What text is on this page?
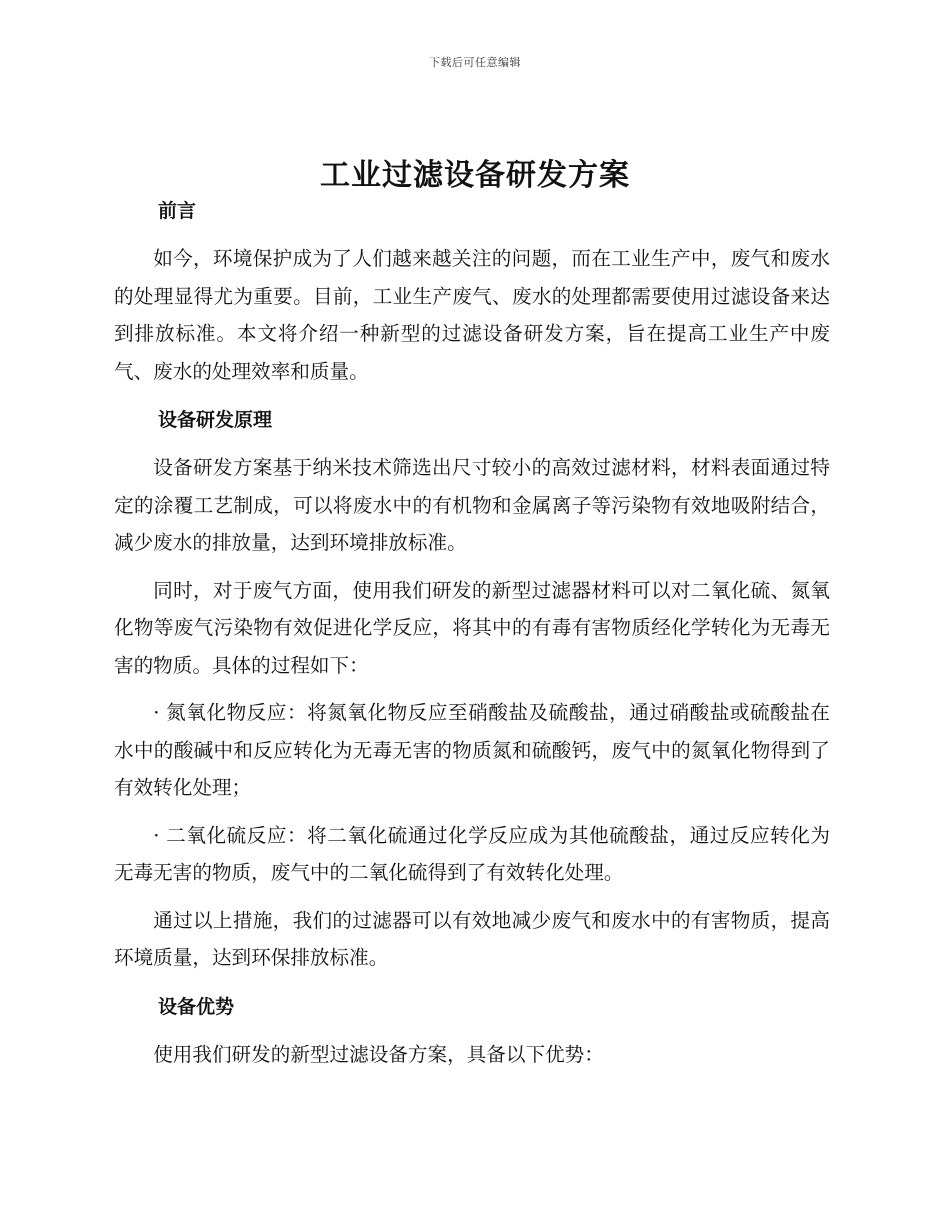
下载后可任意编辑
工业过滤设备研发方案
前言

如今，环境保护成为了人们越来越关注的问题，而在工业生产中，废气和废水的处理显得尤为重要。目前，工业生产废气、废水的处理都需要使用过滤设备来达到排放标准。本文将介绍一种新型的过滤设备研发方案，旨在提高工业生产中废气、废水的处理效率和质量。

设备研发原理

设备研发方案基于纳米技术筛选出尺寸较小的高效过滤材料，材料表面通过特定的涂覆工艺制成，可以将废水中的有机物和金属离子等污染物有效地吸附结合，减少废水的排放量，达到环境排放标准。

同时，对于废气方面，使用我们研发的新型过滤器材料可以对二氧化硫、氮氧化物等废气污染物有效促进化学反应，将其中的有毒有害物质经化学转化为无毒无害的物质。具体的过程如下：

· 氮氧化物反应：将氮氧化物反应至硝酸盐及硫酸盐，通过硝酸盐或硫酸盐在水中的酸碱中和反应转化为无毒无害的物质氮和硫酸钙，废气中的氮氧化物得到了有效转化处理；

· 二氧化硫反应：将二氧化硫通过化学反应成为其他硫酸盐，通过反应转化为无毒无害的物质，废气中的二氧化硫得到了有效转化处理。

通过以上措施，我们的过滤器可以有效地减少废气和废水中的有害物质，提高环境质量，达到环保排放标准。

设备优势

使用我们研发的新型过滤设备方案，具备以下优势：
